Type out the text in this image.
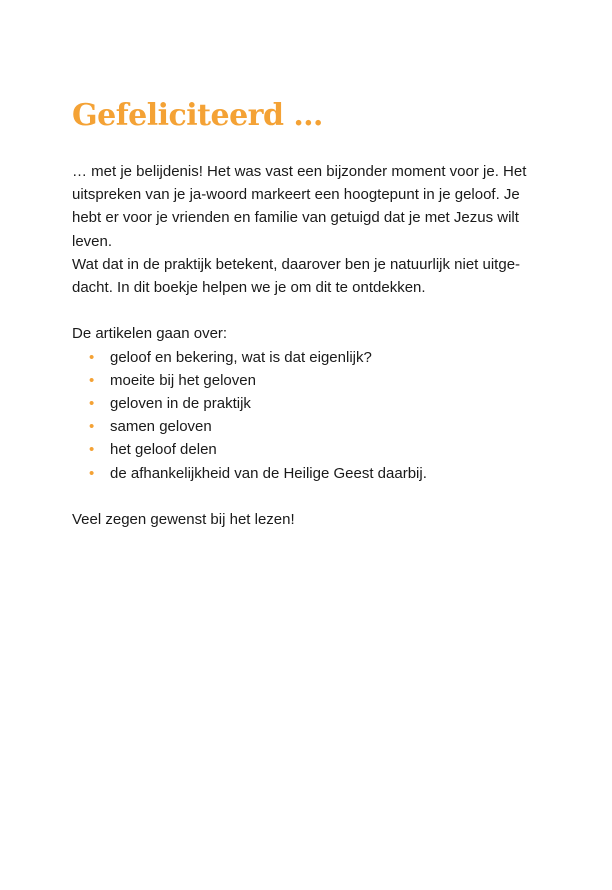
Gefeliciteerd …
… met je belijdenis! Het was vast een bijzonder moment voor je. Het
uitspreken van je ja-woord markeert een hoogtepunt in je geloof. Je
hebt er voor je vrienden en familie van getuigd dat je met Jezus wilt
leven.
Wat dat in de praktijk betekent, daarover ben je natuurlijk niet uitge-
dacht. In dit boekje helpen we je om dit te ontdekken.
De artikelen gaan over:
• geloof en bekering, wat is dat eigenlijk?
• moeite bij het geloven
• geloven in de praktijk
• samen geloven
• het geloof delen
• de afhankelijkheid van de Heilige Geest daarbij.
Veel zegen gewenst bij het lezen!
